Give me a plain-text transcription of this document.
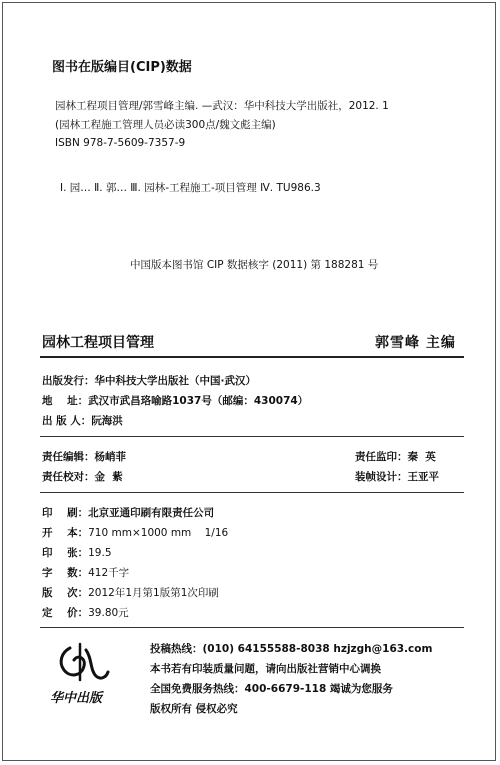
图书在版编目(CIP)数据
园林工程项目管理/郭雪峰主编. —武汉：华中科技大学出版社，2012. 1
(园林工程施工管理人员必读300点/魏文彪主编)
ISBN 978-7-5609-7357-9
Ⅰ. 园… Ⅱ. 郭… Ⅲ. 园林-工程施工-项目管理 Ⅳ. TU986.3
中国版本图书馆 CIP 数据核字 (2011) 第 188281 号
园林工程项目管理	郭雪峰 主编
出版发行：华中科技大学出版社（中国·武汉）
地    址：武汉市武昌珞喻路1037号（邮编：430074）
出 版 人：阮海洪
责任编辑：杨峭菲
责任校对：金  紫
责任监印：秦  英
装帧设计：王亚平
印    刷：北京亚通印刷有限责任公司
开    本：710 mm×1000 mm    1/16
印    张：19.5
字    数：412千字
版    次：2012年1月第1版第1次印刷
定    价：39.80元
华中出版
投稿热线：(010) 64155588-8038 hzjzgh@163.com
本书若有印装质量问题，请向出版社营销中心调换
全国免费服务热线：400-6679-118 竭诚为您服务
版权所有 侵权必究
